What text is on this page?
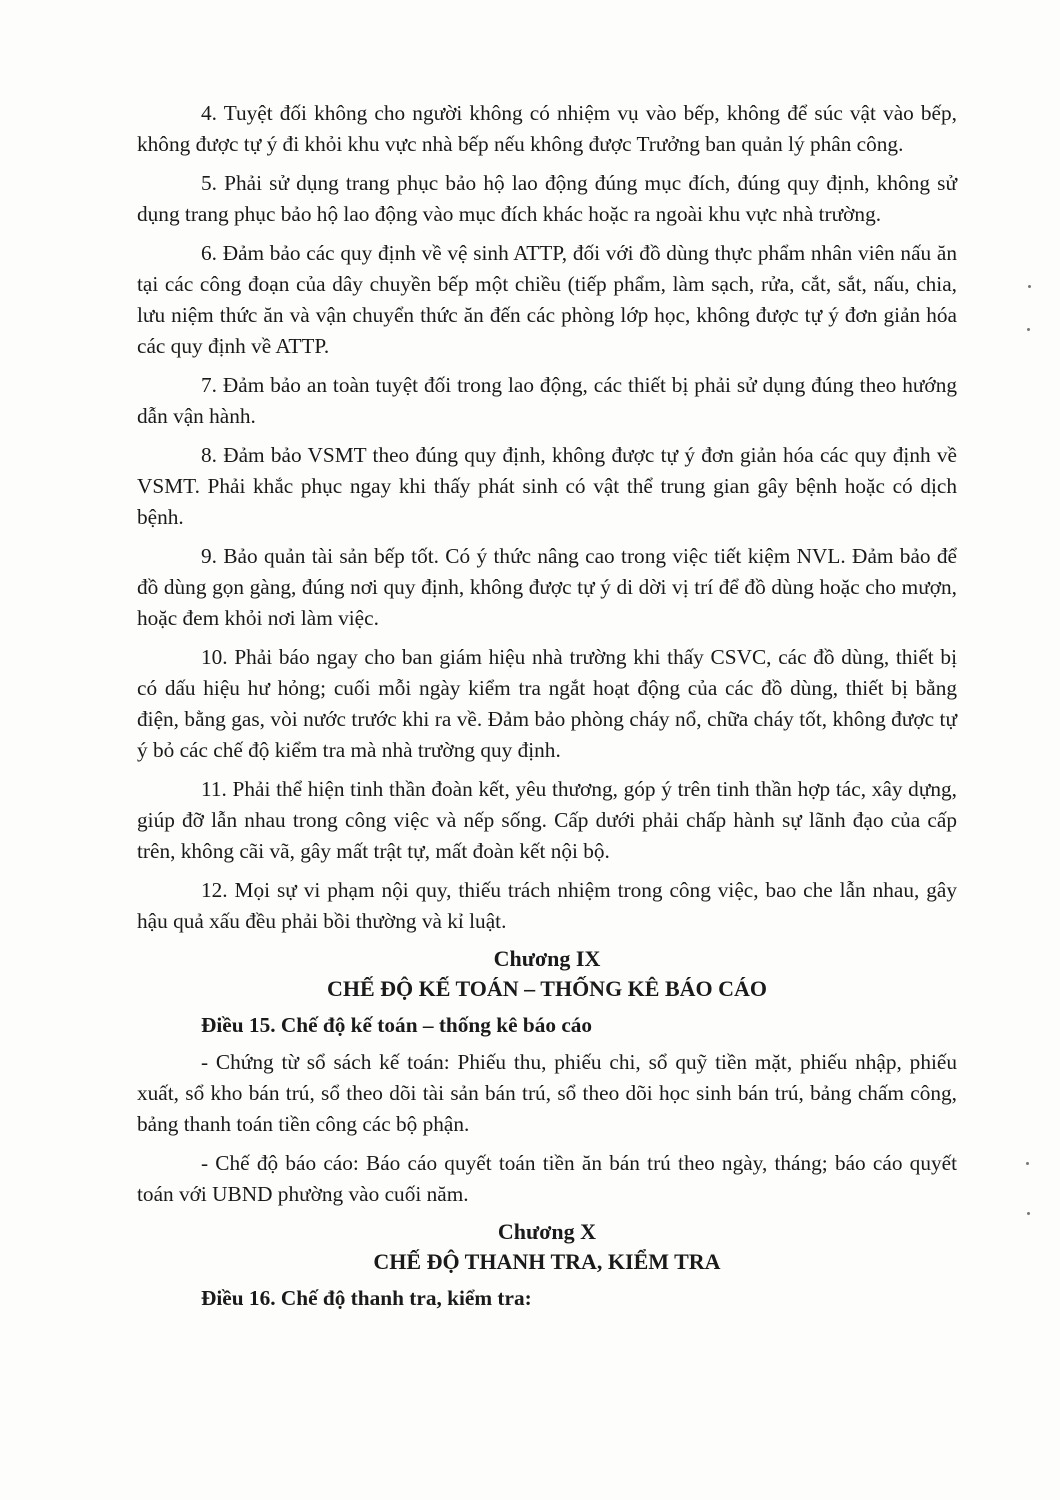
4. Tuyệt đối không cho người không có nhiệm vụ vào bếp, không để súc vật vào bếp, không được tự ý đi khỏi khu vực nhà bếp nếu không được Trưởng ban quản lý phân công.

5. Phải sử dụng trang phục bảo hộ lao động đúng mục đích, đúng quy định, không sử dụng trang phục bảo hộ lao động vào mục đích khác hoặc ra ngoài khu vực nhà trường.

6. Đảm bảo các quy định về vệ sinh ATTP, đối với đồ dùng thực phẩm nhân viên nấu ăn tại các công đoạn của dây chuyền bếp một chiều (tiếp phẩm, làm sạch, rửa, cắt, sắt, nấu, chia, lưu niệm thức ăn và vận chuyển thức ăn đến các phòng lớp học, không được tự ý đơn giản hóa các quy định về ATTP.

7. Đảm bảo an toàn tuyệt đối trong lao động, các thiết bị phải sử dụng đúng theo hướng dẫn vận hành.

8. Đảm bảo VSMT theo đúng quy định, không được tự ý đơn giản hóa các quy định về VSMT. Phải khắc phục ngay khi thấy phát sinh có vật thể trung gian gây bệnh hoặc có dịch bệnh.

9. Bảo quản tài sản bếp tốt. Có ý thức nâng cao trong việc tiết kiệm NVL. Đảm bảo để đồ dùng gọn gàng, đúng nơi quy định, không được tự ý di dời vị trí để đồ dùng hoặc cho mượn, hoặc đem khỏi nơi làm việc.

10. Phải báo ngay cho ban giám hiệu nhà trường khi thấy CSVC, các đồ dùng, thiết bị có dấu hiệu hư hỏng; cuối mỗi ngày kiểm tra ngắt hoạt động của các đồ dùng, thiết bị bằng điện, bằng gas, vòi nước trước khi ra về. Đảm bảo phòng cháy nổ, chữa cháy tốt, không được tự ý bỏ các chế độ kiểm tra mà nhà trường quy định.

11. Phải thể hiện tinh thần đoàn kết, yêu thương, góp ý trên tinh thần hợp tác, xây dựng, giúp đỡ lẫn nhau trong công việc và nếp sống. Cấp dưới phải chấp hành sự lãnh đạo của cấp trên, không cãi vã, gây mất trật tự, mất đoàn kết nội bộ.

12. Mọi sự vi phạm nội quy, thiếu trách nhiệm trong công việc, bao che lẫn nhau, gây hậu quả xấu đều phải bồi thường và kỉ luật.

Chương IX

CHẾ ĐỘ KẾ TOÁN – THỐNG KÊ BÁO CÁO

Điều 15. Chế độ kế toán – thống kê báo cáo

- Chứng từ sổ sách kế toán: Phiếu thu, phiếu chi, sổ quỹ tiền mặt, phiếu nhập, phiếu xuất, sổ kho bán trú, sổ theo dõi tài sản bán trú, sổ theo dõi học sinh bán trú, bảng chấm công, bảng thanh toán tiền công các bộ phận.

- Chế độ báo cáo: Báo cáo quyết toán tiền ăn bán trú theo ngày, tháng; báo cáo quyết toán với UBND phường vào cuối năm.

Chương X

CHẾ ĐỘ THANH TRA, KIỂM TRA

Điều 16. Chế độ thanh tra, kiểm tra:
